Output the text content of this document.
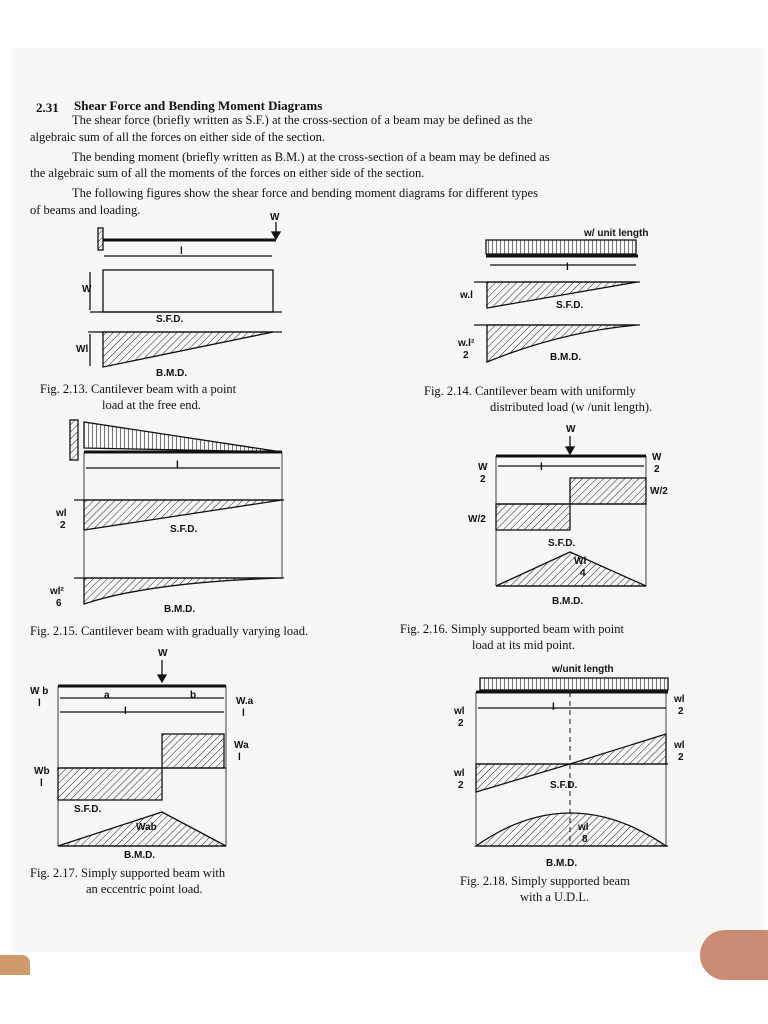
2.31 Shear Force and Bending Moment Diagrams
The shear force (briefly written as S.F.) at the cross-section of a beam may be defined as the
algebraic sum of all the forces on either side of the section.
The bending moment (briefly written as B.M.) at the cross-section of a beam may be defined as
the algebraic sum of all the moments of the forces on either side of the section.
The following figures show the shear force and bending moment diagrams for different types
of beams and loading.
W
l
W
S.F.D.
Wl
B.M.D.
Fig. 2.13. Cantilever beam with a point
load at the free end.
w/ unit length
l
w.l
S.F.D.
w.l²
2	B.M.D.
Fig. 2.14. Cantilever beam with uniformly
distributed load (w /unit length).
l
wl
2	S.F.D.
wl²
6
B.M.D.
Fig. 2.15. Cantilever beam with gradually varying load.
W
l
W
2
W
2
W/2
W/2
S.F.D.
Wl
4
B.M.D.
Fig. 2.16. Simply supported beam with point
load at its mid point.
W
a	b
l
W b
l	W.a
l
Wa
l
Wb
l
S.F.D.
Wab
B.M.D.
Fig. 2.17. Simply supported beam with
an eccentric point load.
w/unit length
l
wl
2
wl
2
wl
2
wl
2	S.F.D.
wl
8
B.M.D.
Fig. 2.18. Simply supported beam
with a U.D.L.
